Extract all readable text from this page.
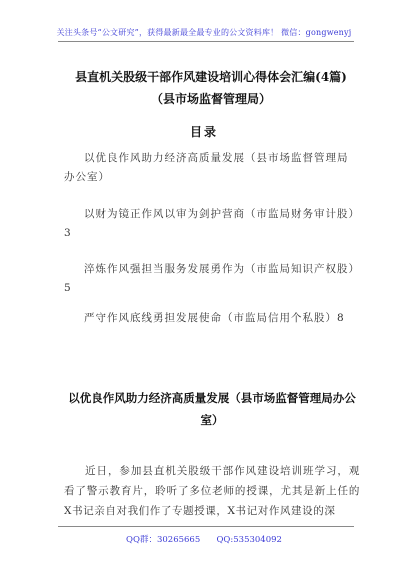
关注头条号“公文研究”，获得最新最全最专业的公文资料库！ 微信：gongwenyj
县直机关股级干部作风建设培训心得体会汇编(4篇)（县市场监督管理局）
目录
以优良作风助力经济高质量发展（县市场监督管理局办公室）
以财为镜正作风以审为剑护营商（市监局财务审计股）3
淬炼作风强担当服务发展勇作为（市监局知识产权股）5
严守作风底线勇担发展使命（市监局信用个私股）8
以优良作风助力经济高质量发展（县市场监督管理局办公室）
近日，参加县直机关股级干部作风建设培训班学习，观看了警示教育片，聆听了多位老师的授课，尤其是新上任的X书记亲自对我们作了专题授课，X书记对作风建设的深
QQ群：30265665      QQ:535304092
